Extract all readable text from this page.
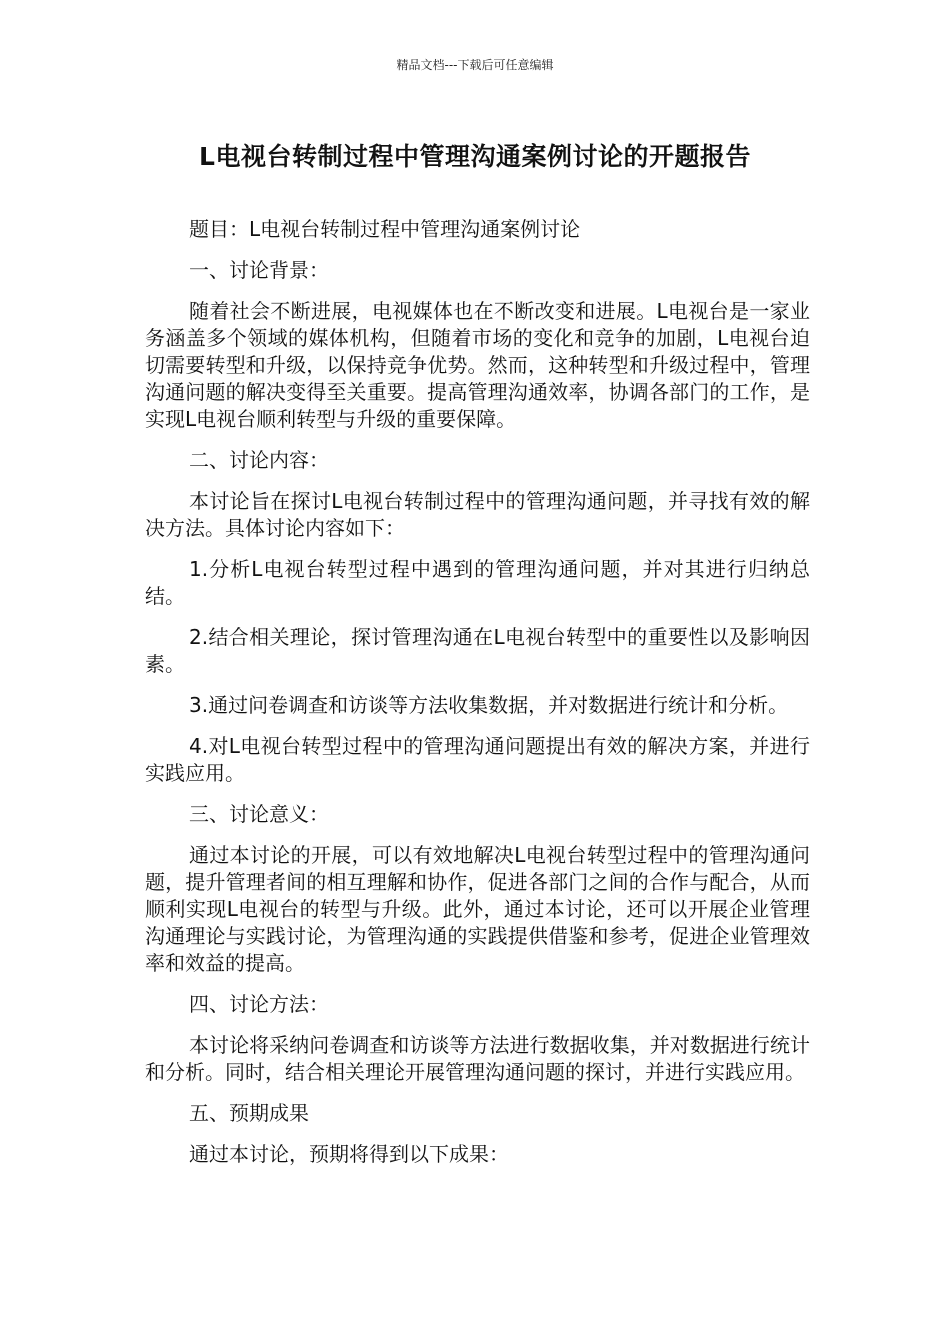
精品文档---下载后可任意编辑
L电视台转制过程中管理沟通案例讨论的开题报告

题目：L电视台转制过程中管理沟通案例讨论

一、讨论背景：

随着社会不断进展，电视媒体也在不断改变和进展。L电视台是一家业务涵盖多个领域的媒体机构，但随着市场的变化和竞争的加剧，L电视台迫切需要转型和升级，以保持竞争优势。然而，这种转型和升级过程中，管理沟通问题的解决变得至关重要。提高管理沟通效率，协调各部门的工作，是实现L电视台顺利转型与升级的重要保障。

二、讨论内容：

本讨论旨在探讨L电视台转制过程中的管理沟通问题，并寻找有效的解决方法。具体讨论内容如下：

1.分析L电视台转型过程中遇到的管理沟通问题，并对其进行归纳总结。

2.结合相关理论，探讨管理沟通在L电视台转型中的重要性以及影响因素。

3.通过问卷调查和访谈等方法收集数据，并对数据进行统计和分析。

4.对L电视台转型过程中的管理沟通问题提出有效的解决方案，并进行实践应用。

三、讨论意义：

通过本讨论的开展，可以有效地解决L电视台转型过程中的管理沟通问题，提升管理者间的相互理解和协作，促进各部门之间的合作与配合，从而顺利实现L电视台的转型与升级。此外，通过本讨论，还可以开展企业管理沟通理论与实践讨论，为管理沟通的实践提供借鉴和参考，促进企业管理效率和效益的提高。

四、讨论方法：

本讨论将采纳问卷调查和访谈等方法进行数据收集，并对数据进行统计和分析。同时，结合相关理论开展管理沟通问题的探讨，并进行实践应用。

五、预期成果

通过本讨论，预期将得到以下成果：
